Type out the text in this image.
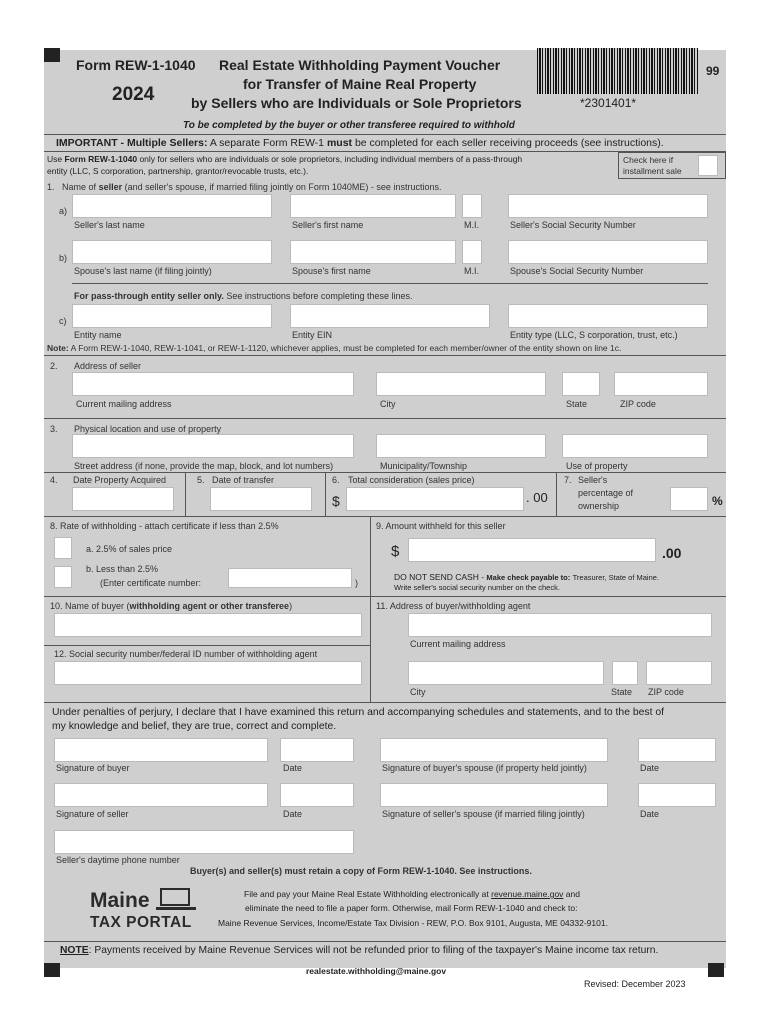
Form REW-1-1040
2024
Real Estate Withholding Payment Voucher
for Transfer of Maine Real Property
by Sellers who are Individuals or Sole Proprietors	*2301401*
99
To be completed by the buyer or other transferee required to withhold
IMPORTANT - Multiple Sellers: A separate Form REW-1 must be completed for each seller receiving proceeds (see instructions).
Use Form REW-1-1040 only for sellers who are individuals or sole proprietors, including individual members of a pass-through
entity (LLC, S corporation, partnership, grantor/revocable trusts, etc.).
Check here if
installment sale
1. Name of seller (and seller's spouse, if married filing jointly on Form 1040ME) - see instructions.
a)
Seller's last name	Seller's first name	M.I.	Seller's Social Security Number
b)
Spouse's last name (if filing jointly)	Spouse's first name	M.I.	Spouse's Social Security Number
For pass-through entity seller only. See instructions before completing these lines.
c)
Entity name	Entity EIN	Entity type (LLC, S corporation, trust, etc.)
Note: A Form REW-1-1040, REW-1-1041, or REW-1-1120, whichever applies, must be completed for each member/owner of the entity shown on line 1c.
2. Address of seller
Current mailing address	City	State	ZIP code
3. Physical location and use of property
Street address (if none, provide the map, block, and lot numbers)	Municipality/Township	Use of property
4. Date Property Acquired	5. Date of transfer	6. Total consideration (sales price)
$	. 00
7. Seller's
percentage of
ownership	%
8. Rate of withholding - attach certificate if less than 2.5%
a. 2.5% of sales price
b. Less than 2.5%
(Enter certificate number:	)
9. Amount withheld for this seller
$	.00
DO NOT SEND CASH - Make check payable to: Treasurer, State of Maine.
Write seller's social security number on the check.
10. Name of buyer (withholding agent or other transferee)
12. Social security number/federal ID number of withholding agent
11. Address of buyer/withholding agent
Current mailing address
City	State ZIP code
Under penalties of perjury, I declare that I have examined this return and accompanying schedules and statements, and to the best of
my knowledge and belief, they are true, correct and complete.
Signature of buyer	Date	Signature of buyer's spouse (if property held jointly)	Date
Signature of seller	Date	Signature of seller's spouse (if married filing jointly)	Date
Seller's daytime phone number
Buyer(s) and seller(s) must retain a copy of Form REW-1-1040. See instructions.
Maine
TAX PORTAL
File and pay your Maine Real Estate Withholding electronically at revenue.maine.gov and
eliminate the need to file a paper form. Otherwise, mail Form REW-1-1040 and check to:
Maine Revenue Services, Income/Estate Tax Division - REW, P.O. Box 9101, Augusta, ME 04332-9101.
NOTE: Payments received by Maine Revenue Services will not be refunded prior to filing of the taxpayer's Maine income tax return.
realestate.withholding@maine.gov
Revised: December 2023
